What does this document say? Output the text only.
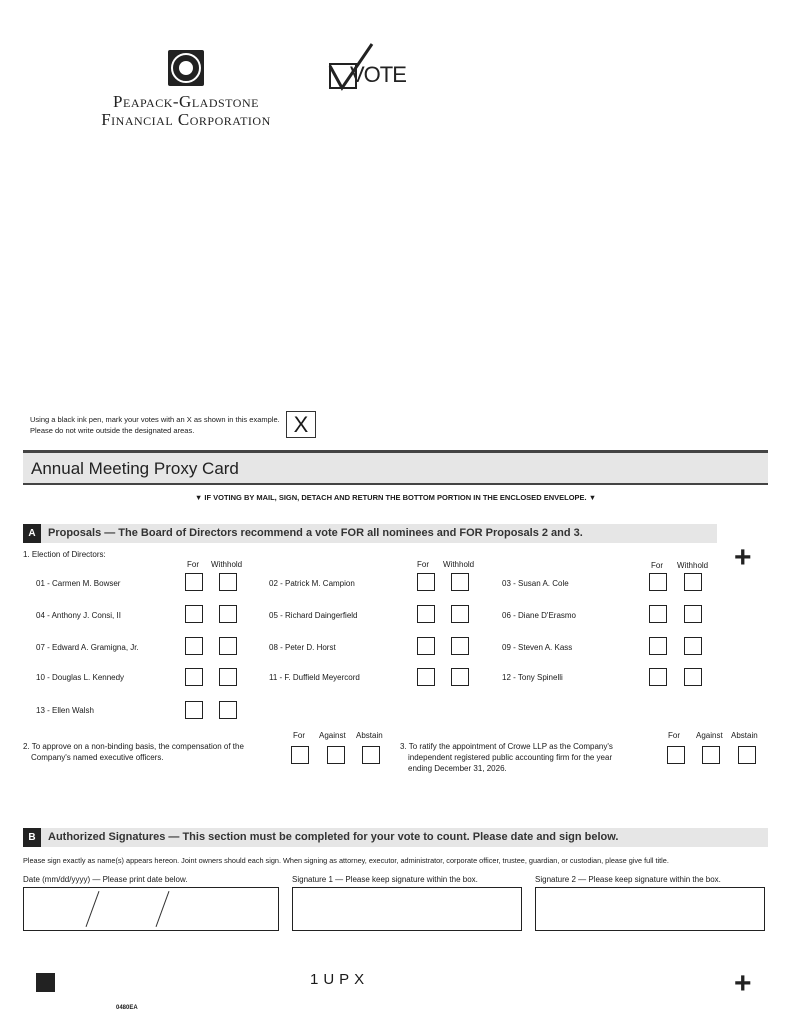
Peapack-Gladstone
Financial Corporation
VOTE
Using a black ink pen, mark your votes with an X as shown in this example.
Please do not write outside the designated areas.	X
Annual Meeting Proxy Card
▼ IF VOTING BY MAIL, SIGN, DETACH AND RETURN THE BOTTOM PORTION IN THE ENCLOSED ENVELOPE. ▼
A	Proposals — The Board of Directors recommend a vote FOR all nominees and FOR Proposals 2 and 3.
+
1. Election of Directors:
For Withhold	For Withhold	For Withhold
01 - Carmen M. Bowser	02 - Patrick M. Campion	03 - Susan A. Cole
04 - Anthony J. Consi, II	05 - Richard Daingerfield	06 - Diane D'Erasmo
07 - Edward A. Gramigna, Jr.	08 - Peter D. Horst	09 - Steven A. Kass
10 - Douglas L. Kennedy	11 - F. Duffield Meyercord	12 - Tony Spinelli
13 - Ellen Walsh
For Against Abstain
2. To approve on a non-binding basis, the compensation of the
Company's named executive officers.
For Against Abstain
3. To ratify the appointment of Crowe LLP as the Company's
independent registered public accounting firm for the year
ending December 31, 2026.
B	Authorized Signatures — This section must be completed for your vote to count. Please date and sign below.
Please sign exactly as name(s) appears hereon. Joint owners should each sign. When signing as attorney, executor, administrator, corporate officer, trustee, guardian, or custodian, please give full title.
Date (mm/dd/yyyy) — Please print date below.	Signature 1 — Please keep signature within the box.	Signature 2 — Please keep signature within the box.
1UPX	+
0480EA
